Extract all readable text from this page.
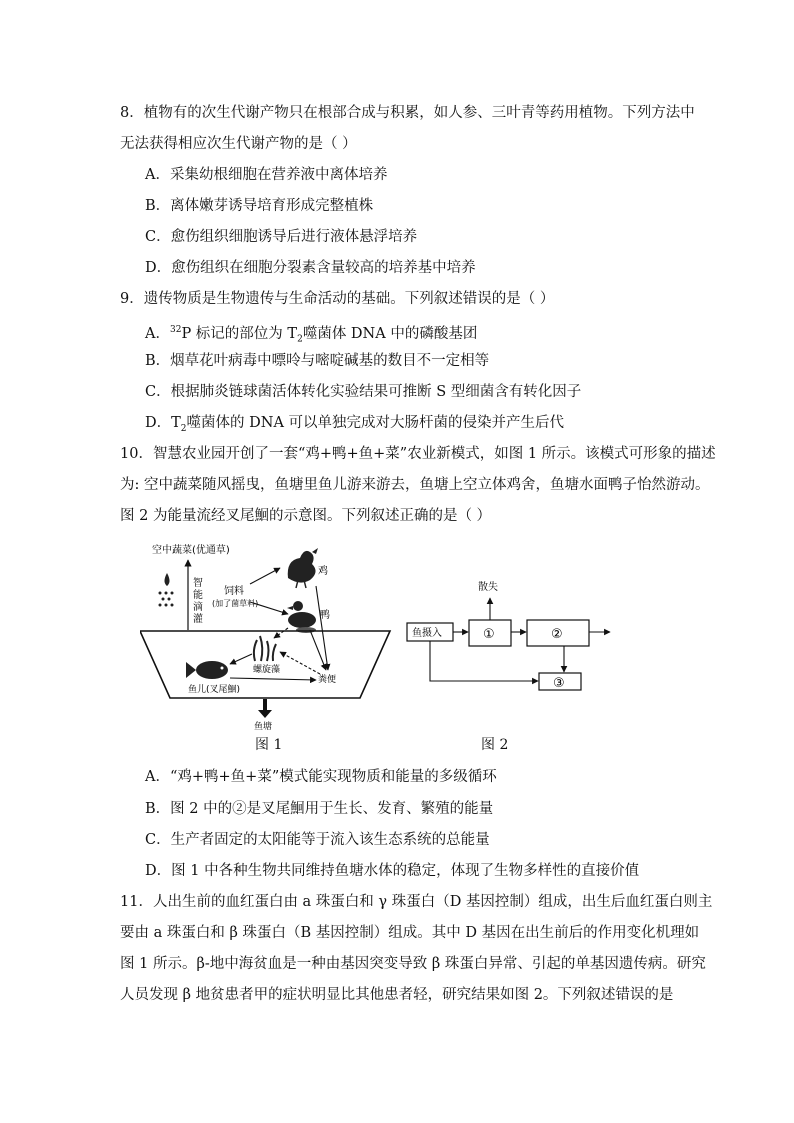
8．植物有的次生代谢产物只在根部合成与积累，如人参、三叶青等药用植物。下列方法中
无法获得相应次生代谢产物的是（ ）
A．采集幼根细胞在营养液中离体培养
B．离体嫩芽诱导培育形成完整植株
C．愈伤组织细胞诱导后进行液体悬浮培养
D．愈伤组织在细胞分裂素含量较高的培养基中培养
9．遗传物质是生物遗传与生命活动的基础。下列叙述错误的是（ ）
A．$^{32}$P 标记的部位为 $T_2$噬菌体 DNA 中的磷酸基团
B．烟草花叶病毒中嘌呤与嘧啶碱基的数目不一定相等
C．根据肺炎链球菌活体转化实验结果可推断 S 型细菌含有转化因子
D．$T_2$噬菌体的 DNA 可以单独完成对大肠杆菌的侵染并产生后代
10．智慧农业园开创了一套“鸡+鸭+鱼+菜”农业新模式，如图 1 所示。该模式可形象的描述
为: 空中蔬菜随风摇曳，鱼塘里鱼儿游来游去，鱼塘上空立体鸡舍，鱼塘水面鸭子怡然游动。
图 2 为能量流经叉尾鮰的示意图。下列叙述正确的是（ ）
空中蔬菜(优通草)
智
能
滴
灌
饲料
(加了菌草料)
鸡
鸭
螺旋藻
鱼儿(叉尾鮰)
粪便
鱼塘
鱼摄入	①
散失
②
③
图 1	图 2
A．“鸡+鸭+鱼+菜”模式能实现物质和能量的多级循环
B．图 2 中的②是叉尾鮰用于生长、发育、繁殖的能量
C．生产者固定的太阳能等于流入该生态系统的总能量
D．图 1 中各种生物共同维持鱼塘水体的稳定，体现了生物多样性的直接价值
11．人出生前的血红蛋白由 a 珠蛋白和 γ 珠蛋白（D 基因控制）组成，出生后血红蛋白则主
要由 a 珠蛋白和 β 珠蛋白（B 基因控制）组成。其中 D 基因在出生前后的作用变化机理如
图 1 所示。β-地中海贫血是一种由基因突变导致 β 珠蛋白异常、引起的单基因遗传病。研究
人员发现 β 地贫患者甲的症状明显比其他患者轻，研究结果如图 2。下列叙述错误的是
